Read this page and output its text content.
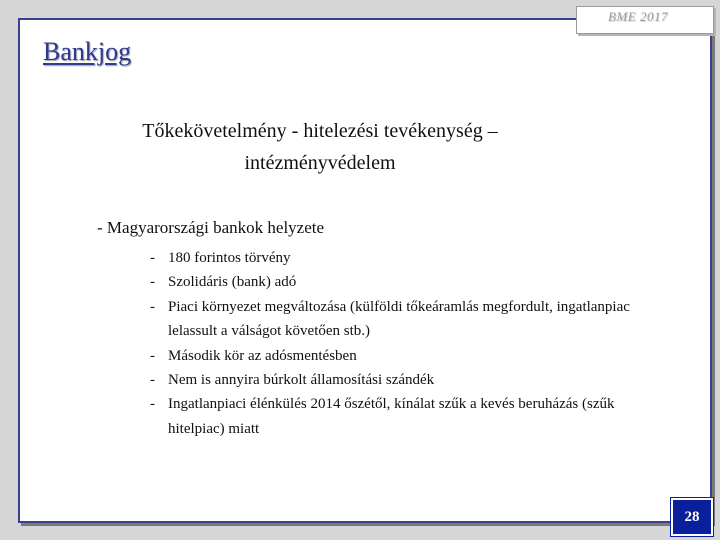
BME 2017
Bankjog
Tőkekövetelmény - hitelezési tevékenység – intézményvédelem
- Magyarországi bankok helyzete
- 180 forintos törvény
- Szolidáris (bank) adó
- Piaci környezet megváltozása (külföldi tőkeáramlás megfordult, ingatlanpiac lelassult a válságot követően stb.)
- Második kör az adósmentésben
- Nem is annyira búrkolt államosítási szándék
- Ingatlanpiaci élénkülés 2014 őszétől, kínálat szűk a kevés beruházás (szűk hitelpiac) miatt
28
